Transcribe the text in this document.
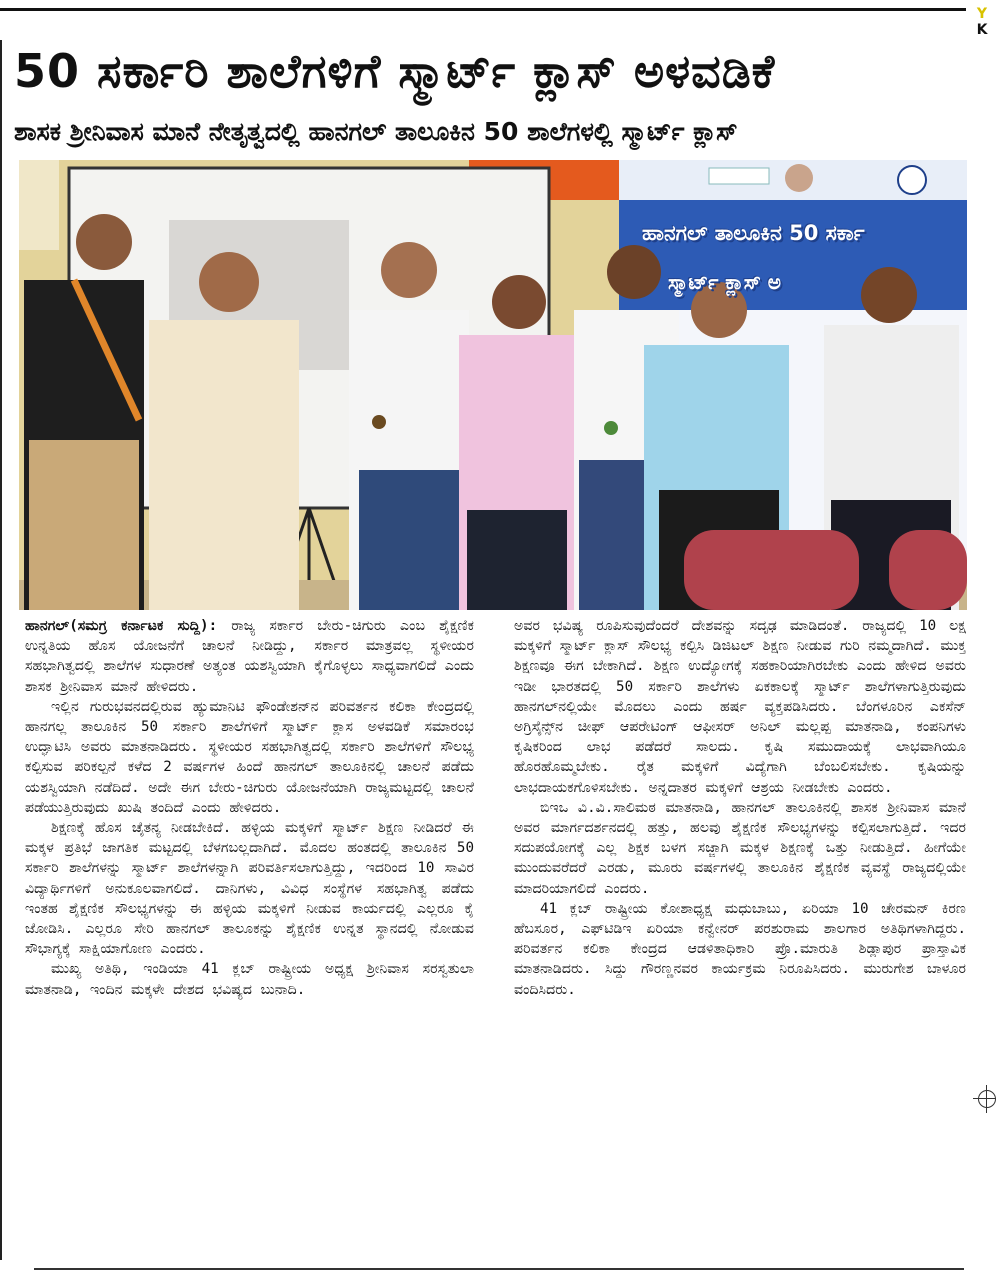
Y
K
50 ಸರ್ಕಾರಿ ಶಾಲೆಗಳಿಗೆ ಸ್ಮಾರ್ಟ್ ಕ್ಲಾಸ್ ಅಳವಡಿಕೆ
ಶಾಸಕ ಶ್ರೀನಿವಾಸ ಮಾನೆ ನೇತೃತ್ವದಲ್ಲಿ ಹಾನಗಲ್ ತಾಲೂಕಿನ 50 ಶಾಲೆಗಳಲ್ಲಿ ಸ್ಮಾರ್ಟ್ ಕ್ಲಾಸ್
ಹಾನಗಲ್ ತಾಲೂಕಿನ 50 ಸರ್ಕಾ
ಸ್ಮಾರ್ಟ್ ಕ್ಲಾಸ್ ಅ

ಹಾನಗಲ್(ಸಮಗ್ರ ಕರ್ನಾಟಕ ಸುದ್ದಿ): ರಾಜ್ಯ ಸರ್ಕಾರ ಬೇರು-ಚಿಗುರು ಎಂಬ ಶೈಕ್ಷಣಿಕ ಉನ್ನತಿಯ ಹೊಸ ಯೋಜನೆಗೆ ಚಾಲನೆ ನೀಡಿದ್ದು, ಸರ್ಕಾರ ಮಾತ್ರವಲ್ಲ ಸ್ಥಳೀಯರ ಸಹಭಾಗಿತ್ವದಲ್ಲಿ ಶಾಲೆಗಳ ಸುಧಾರಣೆ ಅತ್ಯಂತ ಯಶಸ್ವಿಯಾಗಿ ಕೈಗೊಳ್ಳಲು ಸಾಧ್ಯವಾಗಲಿದೆ ಎಂದು ಶಾಸಕ ಶ್ರೀನಿವಾಸ ಮಾನೆ ಹೇಳಿದರು.

ಇಲ್ಲಿನ ಗುರುಭವನದಲ್ಲಿರುವ ಹ್ಯುಮಾನಿಟಿ ಫೌಂಡೇಶನ್‌ನ ಪರಿವರ್ತನ ಕಲಿಕಾ ಕೇಂದ್ರದಲ್ಲಿ ಹಾನಗಲ್ಲ ತಾಲೂಕಿನ 50 ಸರ್ಕಾರಿ ಶಾಲೆಗಳಿಗೆ ಸ್ಮಾರ್ಟ್ ಕ್ಲಾಸ ಅಳವಡಿಕೆ ಸಮಾರಂಭ ಉದ್ಘಾಟಿಸಿ ಅವರು ಮಾತನಾಡಿದರು. ಸ್ಥಳೀಯರ ಸಹಭಾಗಿತ್ವದಲ್ಲಿ ಸರ್ಕಾರಿ ಶಾಲೆಗಳಿಗೆ ಸೌಲಭ್ಯ ಕಲ್ಪಿಸುವ ಪರಿಕಲ್ಪನೆ ಕಳೆದ 2 ವರ್ಷಗಳ ಹಿಂದೆ ಹಾನಗಲ್ ತಾಲೂಕಿನಲ್ಲಿ ಚಾಲನೆ ಪಡೆದು ಯಶಸ್ವಿಯಾಗಿ ನಡೆದಿದೆ. ಅದೇ ಈಗ ಬೇರು-ಚಿಗುರು ಯೋಜನೆಯಾಗಿ ರಾಜ್ಯಮಟ್ಟದಲ್ಲಿ ಚಾಲನೆ ಪಡೆಯುತ್ತಿರುವುದು ಖುಷಿ ತಂದಿದೆ ಎಂದು ಹೇಳಿದರು.

ಶಿಕ್ಷಣಕ್ಕೆ ಹೊಸ ಚೈತನ್ಯ ನೀಡಬೇಕಿದೆ. ಹಳ್ಳಿಯ ಮಕ್ಕಳಿಗೆ ಸ್ಮಾರ್ಟ್ ಶಿಕ್ಷಣ ನೀಡಿದರೆ ಈ ಮಕ್ಕಳ ಪ್ರತಿಭೆ ಜಾಗತಿಕ ಮಟ್ಟದಲ್ಲಿ ಬೆಳಗಬಲ್ಲದಾಗಿದೆ. ಮೊದಲ ಹಂತದಲ್ಲಿ ತಾಲೂಕಿನ 50 ಸರ್ಕಾರಿ ಶಾಲೆಗಳನ್ನು ಸ್ಮಾರ್ಟ್ ಶಾಲೆಗಳನ್ನಾಗಿ ಪರಿವರ್ತಿಸಲಾಗುತ್ತಿದ್ದು, ಇದರಿಂದ 10 ಸಾವಿರ ವಿದ್ಯಾರ್ಥಿಗಳಿಗೆ ಅನುಕೂಲವಾಗಲಿದೆ. ದಾನಿಗಳು, ವಿವಿಧ ಸಂಸ್ಥೆಗಳ ಸಹಭಾಗಿತ್ವ ಪಡೆದು ಇಂತಹ ಶೈಕ್ಷಣಿಕ ಸೌಲಭ್ಯಗಳನ್ನು ಈ ಹಳ್ಳಿಯ ಮಕ್ಕಳಿಗೆ ನೀಡುವ ಕಾರ್ಯದಲ್ಲಿ ಎಲ್ಲರೂ ಕೈ ಜೋಡಿಸಿ. ಎಲ್ಲರೂ ಸೇರಿ ಹಾನಗಲ್ ತಾಲೂಕನ್ನು ಶೈಕ್ಷಣಿಕ ಉನ್ನತ ಸ್ಥಾನದಲ್ಲಿ ನೋಡುವ ಸೌಭಾಗ್ಯಕ್ಕೆ ಸಾಕ್ಷಿಯಾಗೋಣ ಎಂದರು.

ಮುಖ್ಯ ಅತಿಥಿ, ಇಂಡಿಯಾ 41 ಕ್ಲಬ್ ರಾಷ್ಟ್ರೀಯ ಅಧ್ಯಕ್ಷ ಶ್ರೀನಿವಾಸ ಸರಸ್ವತುಲಾ ಮಾತನಾಡಿ, ಇಂದಿನ ಮಕ್ಕಳೇ ದೇಶದ ಭವಿಷ್ಯದ ಬುನಾದಿ.

ಅವರ ಭವಿಷ್ಯ ರೂಪಿಸುವುದೆಂದರೆ ದೇಶವನ್ನು ಸದೃಢ ಮಾಡಿದಂತೆ. ರಾಜ್ಯದಲ್ಲಿ 10 ಲಕ್ಷ ಮಕ್ಕಳಿಗೆ ಸ್ಮಾರ್ಟ್ ಕ್ಲಾಸ್ ಸೌಲಭ್ಯ ಕಲ್ಪಿಸಿ ಡಿಜಿಟಲ್ ಶಿಕ್ಷಣ ನೀಡುವ ಗುರಿ ನಮ್ಮದಾಗಿದೆ. ಮುಕ್ತ ಶಿಕ್ಷಣವೂ ಈಗ ಬೇಕಾಗಿದೆ. ಶಿಕ್ಷಣ ಉದ್ಯೋಗಕ್ಕೆ ಸಹಕಾರಿಯಾಗಿರಬೇಕು ಎಂದು ಹೇಳಿದ ಅವರು ಇಡೀ ಭಾರತದಲ್ಲಿ 50 ಸರ್ಕಾರಿ ಶಾಲೆಗಳು ಏಕಕಾಲಕ್ಕೆ ಸ್ಮಾರ್ಟ್ ಶಾಲೆಗಳಾಗುತ್ತಿರುವುದು ಹಾನಗಲ್‌ನಲ್ಲಿಯೇ ಮೊದಲು ಎಂದು ಹರ್ಷ ವ್ಯಕ್ತಪಡಿಸಿದರು. ಬೆಂಗಳೂರಿನ ಎಕಸೆನ್ ಅಗ್ರಿಸೈನ್ಸ್‌ನ ಚೀಫ್ ಆಪರೇಟಿಂಗ್ ಆಫೀಸರ್ ಅನಿಲ್ ಮಲ್ಲಪ್ಪ ಮಾತನಾಡಿ, ಕಂಪನಿಗಳು ಕೃಷಿಕರಿಂದ ಲಾಭ ಪಡೆದರೆ ಸಾಲದು. ಕೃಷಿ ಸಮುದಾಯಕ್ಕೆ ಲಾಭವಾಗಿಯೂ ಹೊರಹೊಮ್ಮಬೇಕು. ರೈತ ಮಕ್ಕಳಿಗೆ ವಿದ್ಯೆಗಾಗಿ ಬೆಂಬಲಿಸಬೇಕು. ಕೃಷಿಯನ್ನು ಲಾಭದಾಯಕಗೊಳಿಸಬೇಕು. ಅನ್ನದಾತರ ಮಕ್ಕಳಿಗೆ ಆಶ್ರಯ ನೀಡಬೇಕು ಎಂದರು.

ಬಿಇಒ ವಿ.ವಿ.ಸಾಲಿಮಠ ಮಾತನಾಡಿ, ಹಾನಗಲ್ ತಾಲೂಕಿನಲ್ಲಿ ಶಾಸಕ ಶ್ರೀನಿವಾಸ ಮಾನೆ ಅವರ ಮಾರ್ಗದರ್ಶನದಲ್ಲಿ ಹತ್ತು, ಹಲವು ಶೈಕ್ಷಣಿಕ ಸೌಲಭ್ಯಗಳನ್ನು ಕಲ್ಪಿಸಲಾಗುತ್ತಿದೆ. ಇದರ ಸದುಪಯೋಗಕ್ಕೆ ಎಲ್ಲ ಶಿಕ್ಷಕ ಬಳಗ ಸಜ್ಜಾಗಿ ಮಕ್ಕಳ ಶಿಕ್ಷಣಕ್ಕೆ ಒತ್ತು ನೀಡುತ್ತಿದೆ. ಹೀಗೆಯೇ ಮುಂದುವರೆದರೆ ಎರಡು, ಮೂರು ವರ್ಷಗಳಲ್ಲಿ ತಾಲೂಕಿನ ಶೈಕ್ಷಣಿಕ ವ್ಯವಸ್ಥೆ ರಾಜ್ಯದಲ್ಲಿಯೇ ಮಾದರಿಯಾಗಲಿದೆ ಎಂದರು.

41 ಕ್ಲಬ್ ರಾಷ್ಟ್ರೀಯ ಕೋಶಾಧ್ಯಕ್ಷ ಮಧುಬಾಬು, ಏರಿಯಾ 10 ಚೇರಮನ್ ಕಿರಣ ಹೆಬಸೂರ, ಎಫ್‌ಟಿಡಿಇ ಏರಿಯಾ ಕನ್ವೇನರ್ ಪರಶುರಾಮ ಶಾಲಗಾರ ಅತಿಥಿಗಳಾಗಿದ್ದರು. ಪರಿವರ್ತನ ಕಲಿಕಾ ಕೇಂದ್ರದ ಆಡಳಿತಾಧಿಕಾರಿ ಪ್ರೊ.ಮಾರುತಿ ಶಿಡ್ಲಾಪುರ ಪ್ರಾಸ್ತಾವಿಕ ಮಾತನಾಡಿದರು. ಸಿದ್ದು ಗೌರಣ್ಣನವರ ಕಾರ್ಯಕ್ರಮ ನಿರೂಪಿಸಿದರು. ಮುರುಗೇಶ ಬಾಳೂರ ವಂದಿಸಿದರು.
